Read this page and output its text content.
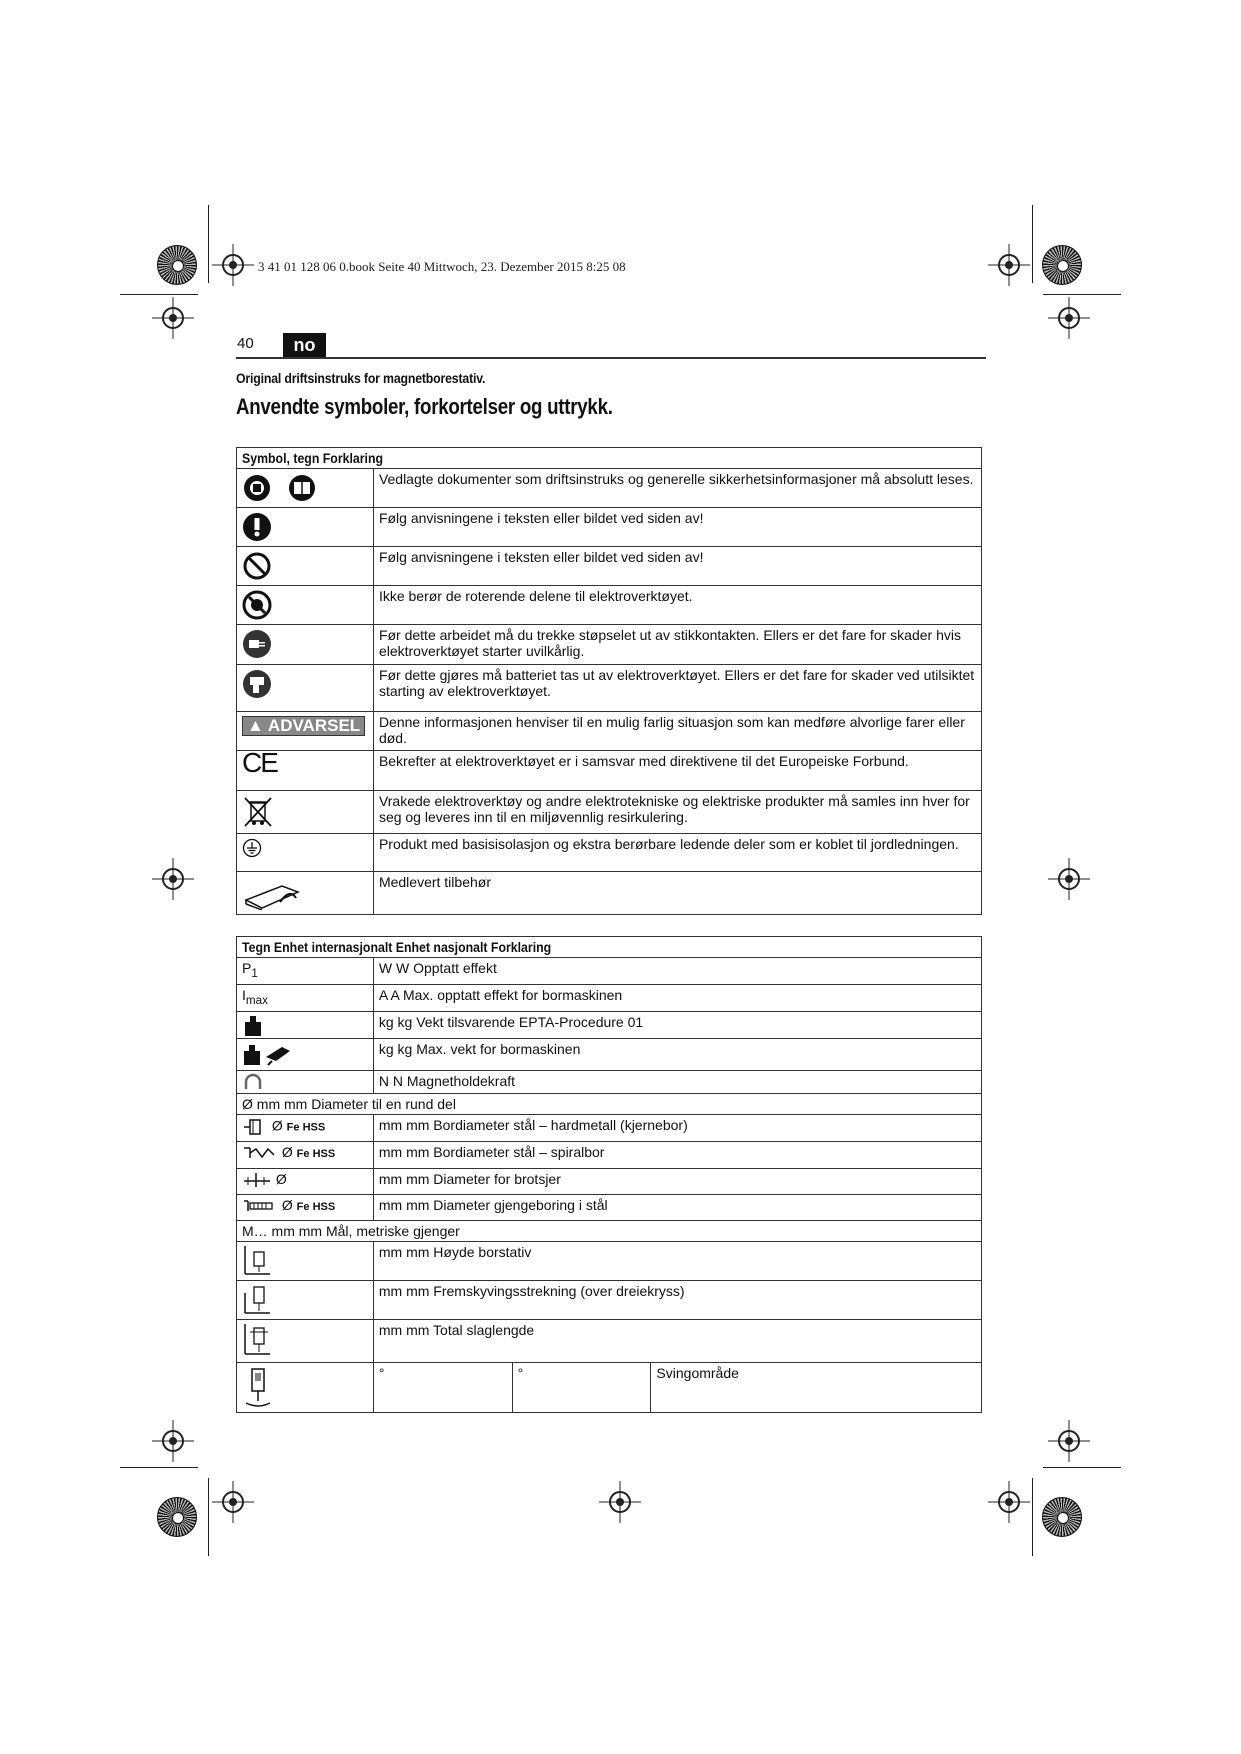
3 41 01 128 06 0.book Seite 40 Mittwoch, 23. Dezember 2015 8:25 08
40	no
Original driftsinstruks for magnetborestativ.
Anvendte symboler, forkortelser og uttrykk.
Symbol, tegn Forklaring	
	Vedlagte dokumenter som driftsinstruks og generelle sikkerhetsinformasjoner må absolutt leses.
	Følg anvisningene i teksten eller bildet ved siden av!
	Følg anvisningene i teksten eller bildet ved siden av!
	Ikke berør de roterende delene til elektroverktøyet.
	Før dette arbeidet må du trekke støpselet ut av stikkontakten. Ellers er det fare for skader hvis elektroverktøyet starter uvilkårlig.
	Før dette gjøres må batteriet tas ut av elektroverktøyet. Ellers er det fare for skader ved utilsiktet starting av elektroverktøyet.
▲ ADVARSEL	Denne informasjonen henviser til en mulig farlig situasjon som kan medføre alvorlige farer eller død.
CE	Bekrefter at elektroverktøyet er i samsvar med direktivene til det Europeiske Forbund.
	Vrakede elektroverktøy og andre elektrotekniske og elektriske produkter må samles inn hver for seg og leveres inn til en miljøvennlig resirkulering.
	Produkt med basisisolasjon og ekstra berørbare ledende deler som er koblet til jordledningen.
	Medlevert tilbehør
Tegn Enhet internasjonalt Enhet nasjonalt Forklaring			
$P_1$	W W Opptatt effekt		
$I_{max}$	A A Max. opptatt effekt for bormaskinen		
	kg kg Vekt tilsvarende EPTA-Procedure 01		
	kg kg Max. vekt for bormaskinen		
	N N Magnetholdekraft		
Ø mm mm Diameter til en rund del			
Ø Fe HSS	mm mm Bordiameter stål – hardmetall (kjernebor)		
Ø Fe HSS	mm mm Bordiameter stål – spiralbor		
Ø	mm mm Diameter for brotsjer		
Ø Fe HSS	mm mm Diameter gjengeboring i stål		
M… mm mm Mål, metriske gjenger			
	mm mm Høyde borstativ		
	mm mm Fremskyvingsstrekning (over dreiekryss)		
	mm mm Total slaglengde		
	°	°	Svingområde
